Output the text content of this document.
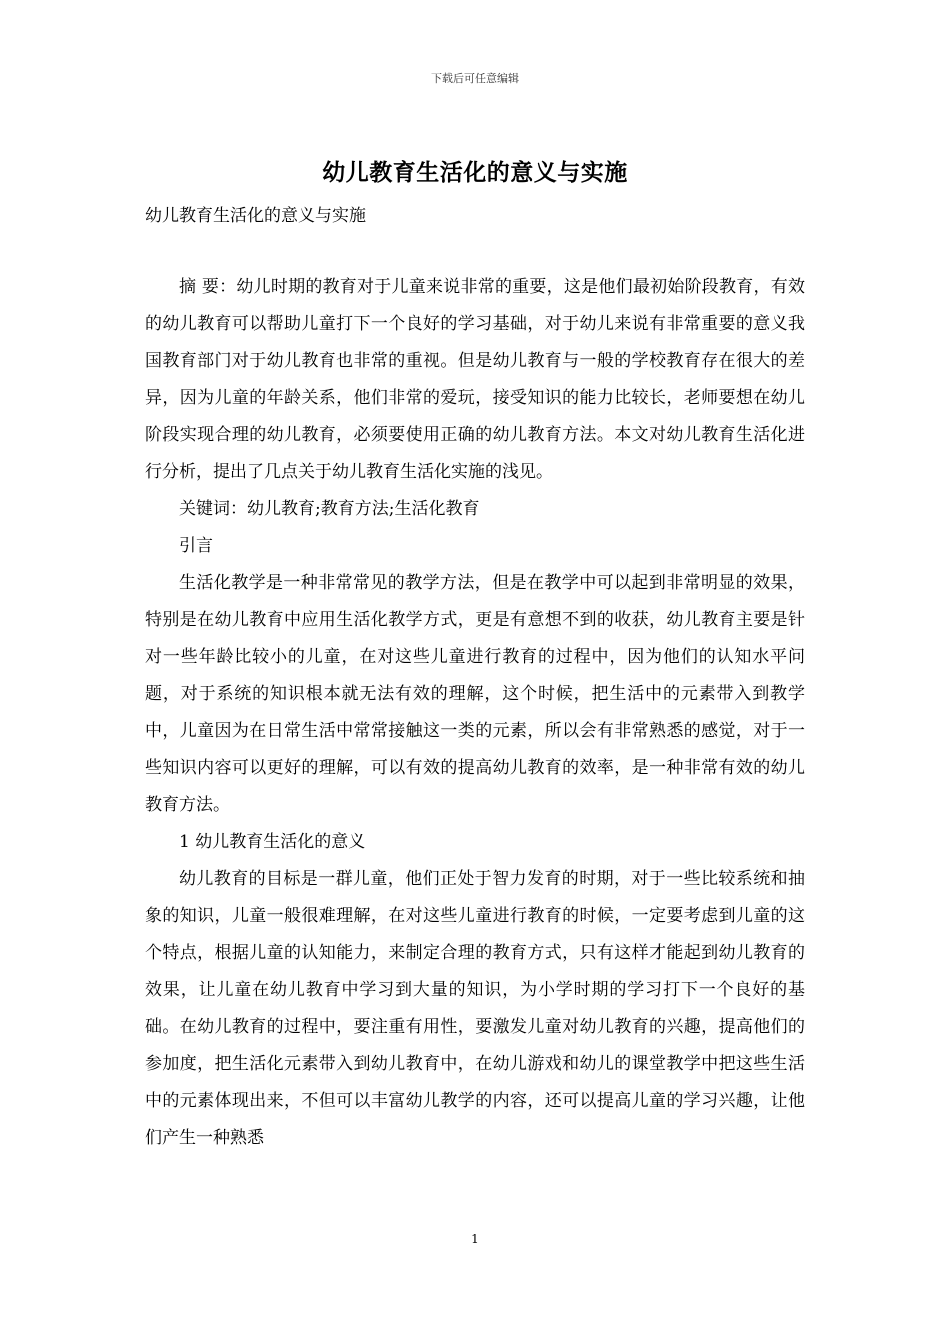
下载后可任意编辑
幼儿教育生活化的意义与实施
幼儿教育生活化的意义与实施

摘 要：幼儿时期的教育对于儿童来说非常的重要，这是他们最初始阶段教育，有效的幼儿教育可以帮助儿童打下一个良好的学习基础，对于幼儿来说有非常重要的意义我国教育部门对于幼儿教育也非常的重视。但是幼儿教育与一般的学校教育存在很大的差异，因为儿童的年龄关系，他们非常的爱玩，接受知识的能力比较长，老师要想在幼儿阶段实现合理的幼儿教育，必须要使用正确的幼儿教育方法。本文对幼儿教育生活化进行分析，提出了几点关于幼儿教育生活化实施的浅见。

关键词：幼儿教育;教育方法;生活化教育

引言

生活化教学是一种非常常见的教学方法，但是在教学中可以起到非常明显的效果，特别是在幼儿教育中应用生活化教学方式，更是有意想不到的收获，幼儿教育主要是针对一些年龄比较小的儿童，在对这些儿童进行教育的过程中，因为他们的认知水平问题，对于系统的知识根本就无法有效的理解，这个时候，把生活中的元素带入到教学中，儿童因为在日常生活中常常接触这一类的元素，所以会有非常熟悉的感觉，对于一些知识内容可以更好的理解，可以有效的提高幼儿教育的效率，是一种非常有效的幼儿教育方法。

1 幼儿教育生活化的意义

幼儿教育的目标是一群儿童，他们正处于智力发育的时期，对于一些比较系统和抽象的知识，儿童一般很难理解，在对这些儿童进行教育的时候，一定要考虑到儿童的这个特点，根据儿童的认知能力，来制定合理的教育方式，只有这样才能起到幼儿教育的效果，让儿童在幼儿教育中学习到大量的知识，为小学时期的学习打下一个良好的基础。在幼儿教育的过程中，要注重有用性，要激发儿童对幼儿教育的兴趣，提高他们的参加度，把生活化元素带入到幼儿教育中，在幼儿游戏和幼儿的课堂教学中把这些生活中的元素体现出来，不但可以丰富幼儿教学的内容，还可以提高儿童的学习兴趣，让他们产生一种熟悉

1
